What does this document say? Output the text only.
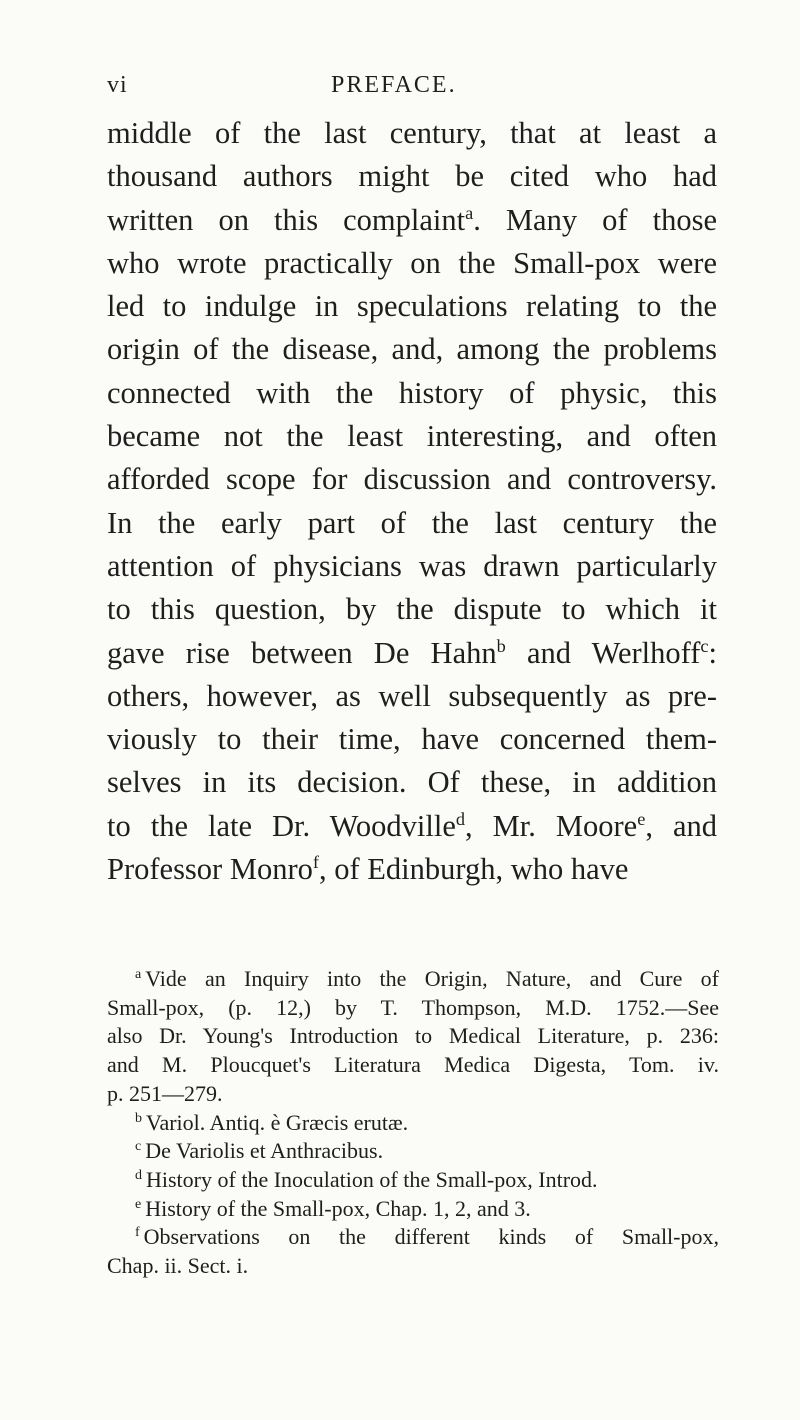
vi	PREFACE.
middle of the last century, that at least a
thousand authors might be cited who had
written on this complaint$^a$. Many of those
who wrote practically on the Small-pox were
led to indulge in speculations relating to the
origin of the disease, and, among the problems
connected with the history of physic, this
became not the least interesting, and often
afforded scope for discussion and controversy.
In the early part of the last century the
attention of physicians was drawn particularly
to this question, by the dispute to which it
gave rise between De Hahn$^b$ and Werlhoff$^c$:
others, however, as well subsequently as pre-
viously to their time, have concerned them-
selves in its decision. Of these, in addition
to the late Dr. Woodville$^d$, Mr. Moore$^e$, and
Professor Monro$^f$, of Edinburgh, who have
$^a$ Vide an Inquiry into the Origin, Nature, and Cure of
Small-pox, (p. 12,) by T. Thompson, M.D. 1752.—See
also Dr. Young's Introduction to Medical Literature, p. 236:
and M. Ploucquet's Literatura Medica Digesta, Tom. iv.
p. 251—279.
$^b$ Variol. Antiq. è Græcis erutæ.
$^c$ De Variolis et Anthracibus.
$^d$ History of the Inoculation of the Small-pox, Introd.
$^e$ History of the Small-pox, Chap. 1, 2, and 3.
$^f$ Observations on the different kinds of Small-pox,
Chap. ii. Sect. i.
